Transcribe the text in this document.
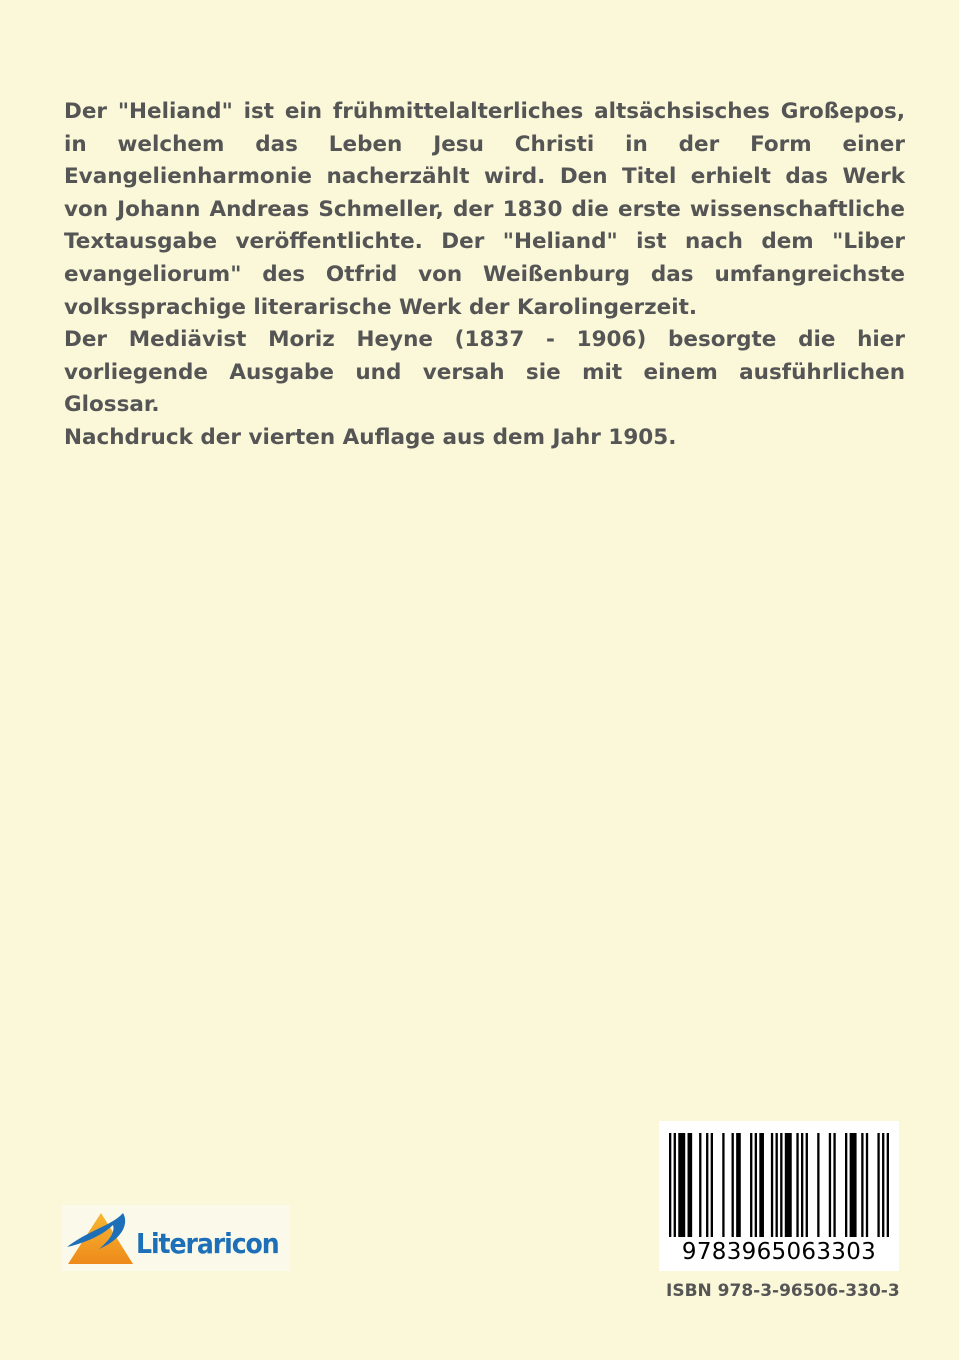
Der "Heliand" ist ein frühmittelalterliches altsächsisches Großepos, in welchem das Leben Jesu Christi in der Form einer Evangelienharmonie nacherzählt wird. Den Titel erhielt das Werk von Johann Andreas Schmeller, der 1830 die erste wissenschaftliche Textausgabe veröffentlichte. Der "Heliand" ist nach dem "Liber evangeliorum" des Otfrid von Weißenburg das umfangreichste volkssprachige literarische Werk der Karolingerzeit.

Der Mediävist Moriz Heyne (1837 - 1906) besorgte die hier vorliegende Ausgabe und versah sie mit einem ausführlichen Glossar.

Nachdruck der vierten Auflage aus dem Jahr 1905.

Literaricon	9783965063303
ISBN 978-3-96506-330-3
